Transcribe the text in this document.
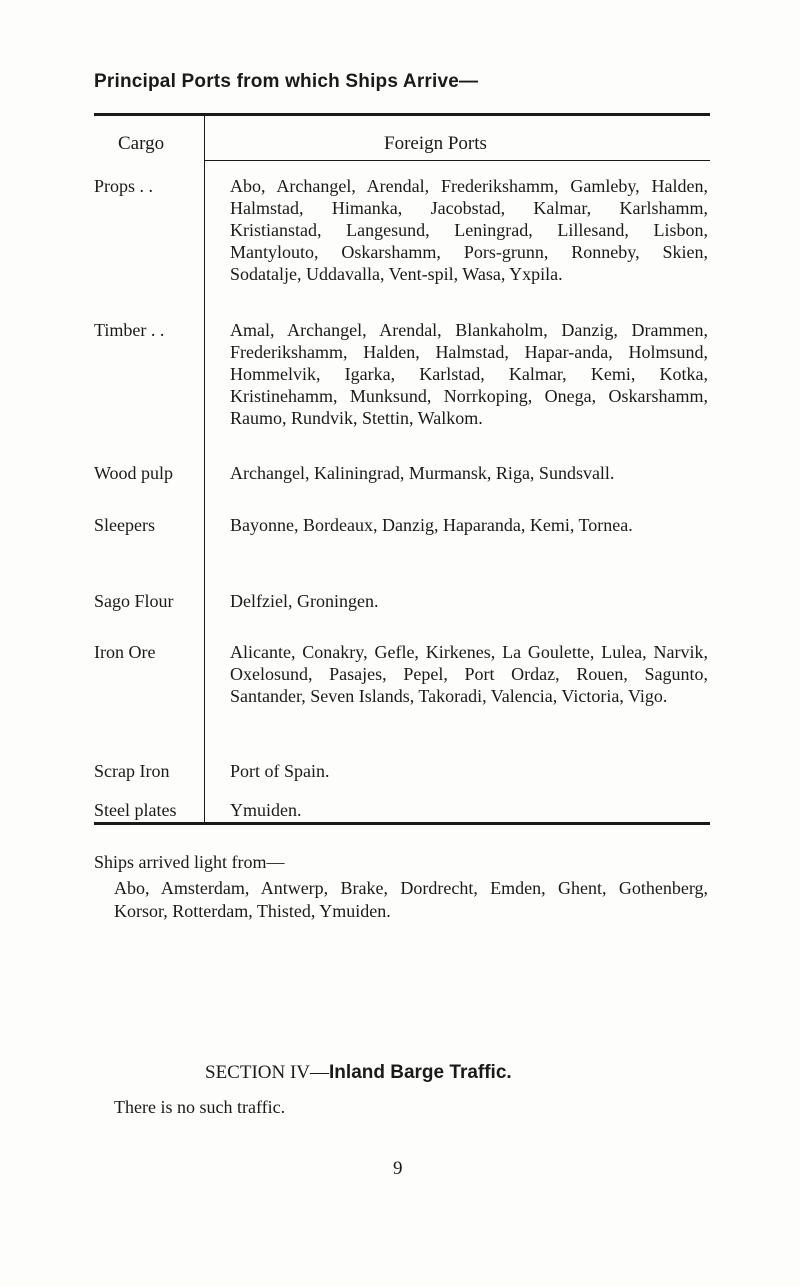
Principal Ports from which Ships Arrive—
Cargo	Foreign Ports
Props . .	Abo, Archangel, Arendal, Frederikshamm, Gamleby, Halden, Halmstad, Himanka, Jacobstad, Kalmar, Karlshamm, Kristianstad, Langesund, Leningrad, Lillesand, Lisbon, Mantylouto, Oskarshamm, Pors-grunn, Ronneby, Skien, Sodatalje, Uddavalla, Vent-spil, Wasa, Yxpila.
Timber . .	Amal, Archangel, Arendal, Blankaholm, Danzig, Drammen, Frederikshamm, Halden, Halmstad, Hapar-anda, Holmsund, Hommelvik, Igarka, Karlstad, Kalmar, Kemi, Kotka, Kristinehamm, Munksund, Norrkoping, Onega, Oskarshamm, Raumo, Rundvik, Stettin, Walkom.
Wood pulp	Archangel, Kaliningrad, Murmansk, Riga, Sundsvall.
Sleepers	Bayonne, Bordeaux, Danzig, Haparanda, Kemi, Tornea.
Sago Flour	Delfziel, Groningen.
Iron Ore	Alicante, Conakry, Gefle, Kirkenes, La Goulette, Lulea, Narvik, Oxelosund, Pasajes, Pepel, Port Ordaz, Rouen, Sagunto, Santander, Seven Islands, Takoradi, Valencia, Victoria, Vigo.
Scrap Iron	Port of Spain.
Steel plates	Ymuiden.
Ships arrived light from—
Abo, Amsterdam, Antwerp, Brake, Dordrecht, Emden, Ghent, Gothenberg, Korsor, Rotterdam, Thisted, Ymuiden.
SECTION IV—Inland Barge Traffic.
There is no such traffic.
9
